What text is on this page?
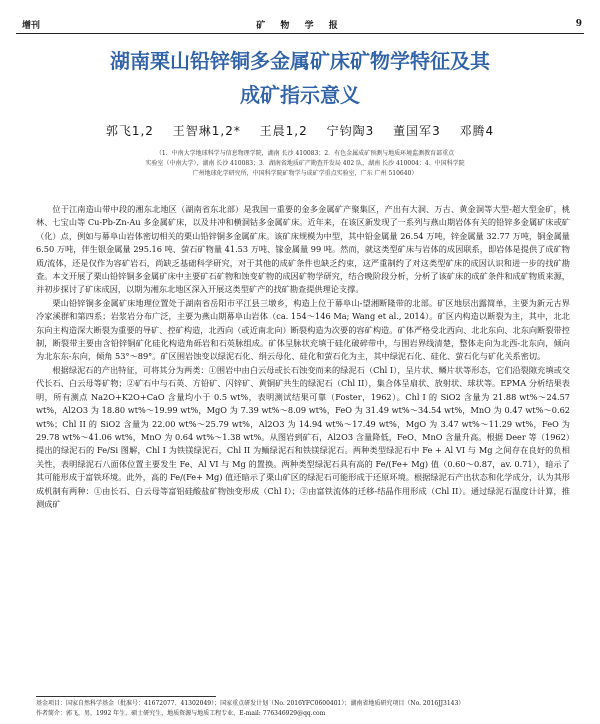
增刊	矿 物 学 报	9
湖南栗山铅锌铜多金属矿床矿物学特征及其
成矿指示意义
郭飞1,2 王智琳1,2* 王晨1,2 宁钧陶3 董国军3 邓腾4
（1．中南大学地球科学与信息物理学院，湖南 长沙 410083；2．有色金属成矿预测与地质环境监测教育部重点
实验室（中南大学），湖南 长沙 410083；3．湖南省地质矿产勘查开发局 402 队，湖南 长沙 410004；4．中国科学院
广州地球化学研究所，中国科学院矿物学与成矿学重点实验室，广东 广州 510640）

位于江南造山带中段的湘东北地区（湖南省东北部）是我国一重要的金多金属矿产聚集区，产出有大洞、万古、黄金洞等大型-超大型金矿，桃林、七宝山等 Cu-Pb-Zn-Au 多金属矿床，以及井冲和横洞钴多金属矿床。近年来，在该区新发现了一系列与燕山期岩体有关的铅锌多金属矿床或矿（化）点，例如与幕阜山岩体密切相关的栗山铅锌铜多金属矿床。该矿床规模为中型，其中铅金属量 26.54 万吨，锌金属量 32.77 万吨，铜金属量 6.50 万吨，伴生银金属量 295.16 吨、萤石矿物量 41.53 万吨、镓金属量 99 吨。然而，就这类型矿床与岩体的成因联系，即岩体是提供了成矿物质/流体，还是仅作为容矿岩石，尚缺乏基础科学研究，对于其他的成矿条件也缺乏约束，这严重制约了对这类型矿床的成因认识和进一步的找矿勘查。本文开展了栗山铅锌铜多金属矿床中主要矿石矿物和蚀变矿物的成因矿物学研究，结合晚阶段分析，分析了该矿床的成矿条件和成矿物质来源，并初步探讨了矿床成因，以期为湘东北地区深入开展这类型矿产的找矿勘查提供理论支撑。

栗山铅锌铜多金属矿床地理位置处于湖南省岳阳市平江县三墩乡，构造上位于幕阜山-望湘断隆带的北部。矿区地层出露简单，主要为新元古界冷家溪群和第四系；岩浆岩分布广泛，主要为燕山期幕阜山岩体（ca. 154～146 Ma; Wang et al., 2014）。矿区内构造以断裂为主，其中，北北东向主构造深大断裂为重要的导矿、控矿构造，北西向（或近南北向）断裂构造为次要的容矿构造。矿体严格受北西向、北北东向、北东向断裂带控制，断裂带主要由含铅锌铜矿化硅化构造角砾岩和石英脉组成。矿体呈脉状充填于硅化破碎带中，与围岩界线清楚，整体走向为北西-北东向，倾向为北东东-东向，倾角 53°～89°。矿区围岩蚀变以绿泥石化、绢云母化、硅化和萤石化为主，其中绿泥石化、硅化、萤石化与矿化关系密切。

根据绿泥石的产出特征，可将其分为两类：①围岩中由白云母或长石蚀变而来的绿泥石（Chl I），呈片状、鳞片状等形态，它们沿裂隙充填或交代长石、白云母等矿物；②矿石中与石英、方铅矿、闪锌矿、黄铜矿共生的绿泥石（Chl II），集合体呈扇状、放射状、球状等。EPMA 分析结果表明，所有测点 Na2O+K2O+CaO 含量均小于 0.5 wt%，表明测试结果可靠（Foster，1962）。Chl I 的 SiO2 含量为 21.88 wt%～24.57 wt%，Al2O3 为 18.80 wt%～19.99 wt%，MgO 为 7.39 wt%～8.09 wt%，FeO 为 31.49 wt%～34.54 wt%，MnO 为 0.47 wt%～0.62 wt%；Chl II 的 SiO2 含量为 22.00 wt%～25.79 wt%，Al2O3 为 14.94 wt%～17.49 wt%，MgO 为 3.47 wt%～11.29 wt%，FeO 为 29.78 wt%～41.06 wt%，MnO 为 0.64 wt%～1.38 wt%。从图岩到矿石，Al2O3 含量降低，FeO、MnO 含量升高。根据 Deer 等（1962）提出的绿泥石的 Fe/Si 图解，Chl I 为铁镁绿泥石，Chl II 为鲕绿泥石和铁镁绿泥石。两种类型绿泥石中 Fe + Al VI 与 Mg 之间存在良好的负相关性，表明绿泥石八面体位置主要发生 Fe、Al VI 与 Mg 的置换。两种类型绿泥石具有高的 Fe/(Fe+ Mg) 值（0.60～0.87，av. 0.71），暗示了其可能形成于富铁环境。此外，高的 Fe/(Fe+ Mg) 值还暗示了栗山矿区的绿泥石可能形成于还原环境。根据绿泥石产出状态和化学成分，认为其形成机制有两种：①由长石、白云母等富铝硅酸盐矿物蚀变形成（Chl I）；②由富铁流体的迁移-结晶作用形成（Chl II）。通过绿泥石温度计计算，推测成矿

基金项目：国家自然科学基金（批准号：41672077、41302049）；国家重点研发计划（No. 2016YFC0600401）；湖南省地质研究项目（No. 2016JJ3143）
作者简介：郭飞，男，1992 年生，硕士研究生，地质资源与地质工程专业，E-mail: 776346929@qq.com
